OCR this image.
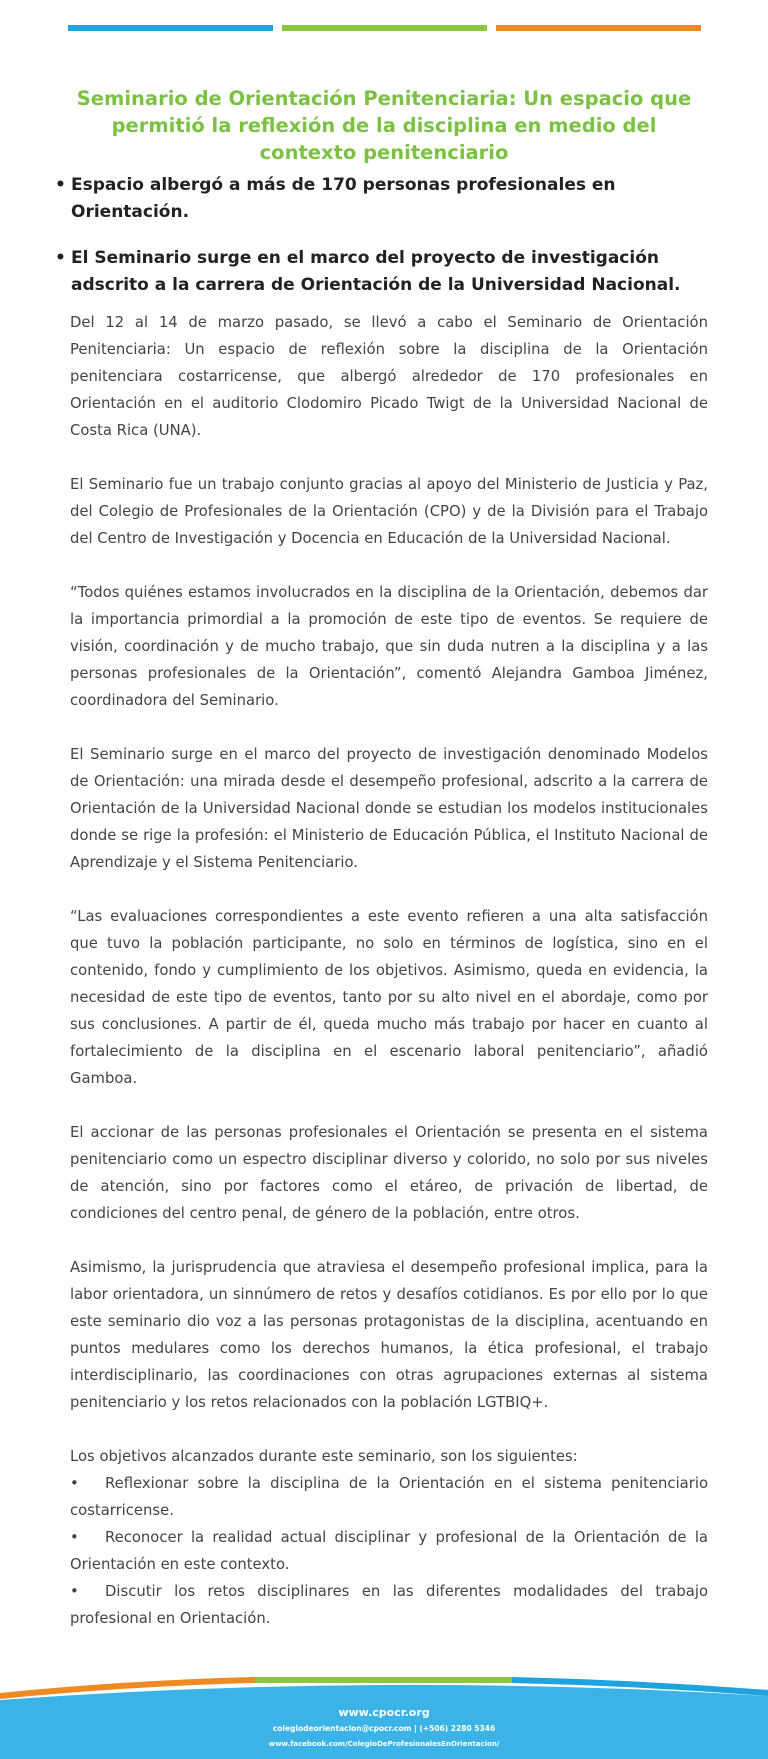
Seminario de Orientación Penitenciaria: Un espacio que permitió la reflexión de la disciplina en medio del contexto penitenciario
• Espacio albergó a más de 170 personas profesionales en Orientación.
• El Seminario surge en el marco del proyecto de investigación adscrito a la carrera de Orientación de la Universidad Nacional.

Del 12 al 14 de marzo pasado, se llevó a cabo el Seminario de Orientación Penitenciaria: Un espacio de reflexión sobre la disciplina de la Orientación penitenciara costarricense, que albergó alrededor de 170 profesionales en Orientación en el auditorio Clodomiro Picado Twigt de la Universidad Nacional de Costa Rica (UNA).

El Seminario fue un trabajo conjunto gracias al apoyo del Ministerio de Justicia y Paz, del Colegio de Profesionales de la Orientación (CPO) y de la División para el Trabajo del Centro de Investigación y Docencia en Educación de la Universidad Nacional.

“Todos quiénes estamos involucrados en la disciplina de la Orientación, debemos dar la importancia primordial a la promoción de este tipo de eventos. Se requiere de visión, coordinación y de mucho trabajo, que sin duda nutren a la disciplina y a las personas profesionales de la Orientación”, comentó Alejandra Gamboa Jiménez, coordinadora del Seminario.

El Seminario surge en el marco del proyecto de investigación denominado Modelos de Orientación: una mirada desde el desempeño profesional, adscrito a la carrera de Orientación de la Universidad Nacional donde se estudian los modelos institucionales donde se rige la profesión: el Ministerio de Educación Pública, el Instituto Nacional de Aprendizaje y el Sistema Penitenciario.

“Las evaluaciones correspondientes a este evento refieren a una alta satisfacción que tuvo la población participante, no solo en términos de logística, sino en el contenido, fondo y cumplimiento de los objetivos. Asimismo, queda en evidencia, la necesidad de este tipo de eventos, tanto por su alto nivel en el abordaje, como por sus conclusiones. A partir de él, queda mucho más trabajo por hacer en cuanto al fortalecimiento de la disciplina en el escenario laboral penitenciario”, añadió Gamboa.

El accionar de las personas profesionales el Orientación se presenta en el sistema penitenciario como un espectro disciplinar diverso y colorido, no solo por sus niveles de atención, sino por factores como el etáreo, de privación de libertad, de condiciones del centro penal, de género de la población, entre otros.

Asimismo, la jurisprudencia que atraviesa el desempeño profesional implica, para la labor orientadora, un sinnúmero de retos y desafíos cotidianos. Es por ello por lo que este seminario dio voz a las personas protagonistas de la disciplina, acentuando en puntos medulares como los derechos humanos, la ética profesional, el trabajo interdisciplinario, las coordinaciones con otras agrupaciones externas al sistema penitenciario y los retos relacionados con la población LGTBIQ+.

Los objetivos alcanzados durante este seminario, son los siguientes:
• Reflexionar sobre la disciplina de la Orientación en el sistema penitenciario costarricense.
• Reconocer la realidad actual disciplinar y profesional de la Orientación de la Orientación en este contexto.
• Discutir los retos disciplinares en las diferentes modalidades del trabajo profesional en Orientación.
www.cpocr.org
colegiodeorientacion@cpocr.com | (+506) 2280 5346
www.facebook.com/ColegioDeProfesionalesEnOrientacion/
